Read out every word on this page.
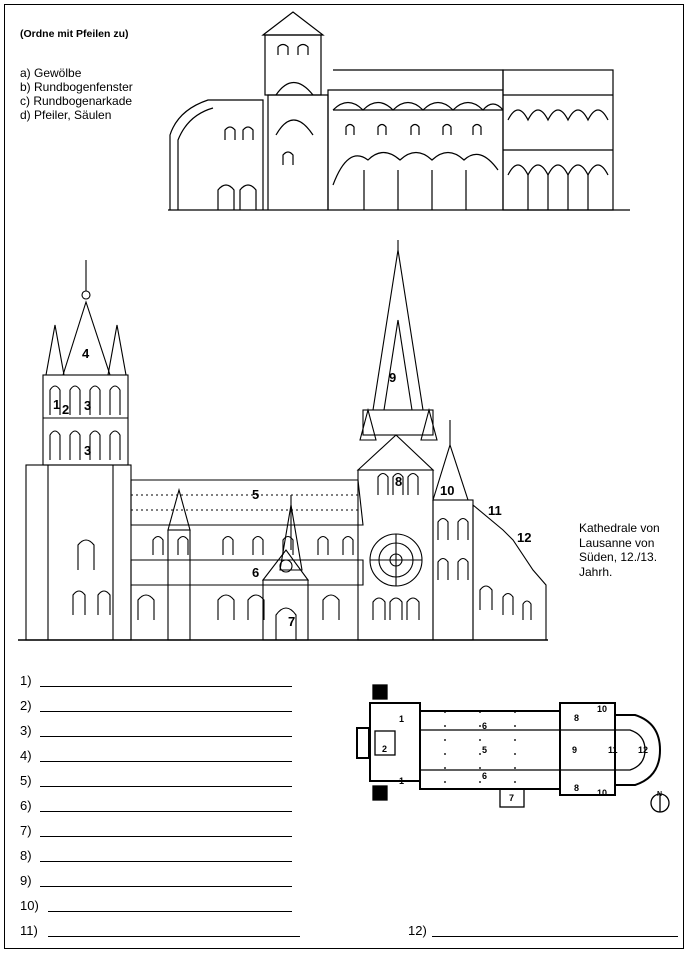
(Ordne mit Pfeilen zu)
a) Gewölbe
b) Rundbogenfenster
c) Rundbogenarkade
d) Pfeiler, Säulen
1 2 3
3
4
5
6
7
8
9
10
11
12
Kathedrale von Lausanne von Süden, 12./13. Jahrh.
1
1
2	5
6
6
7
8
8
9
10
10
11 12
N
1)
2)
3)
4)
5)
6)
7)
8)
9)
10)
11)	12)
